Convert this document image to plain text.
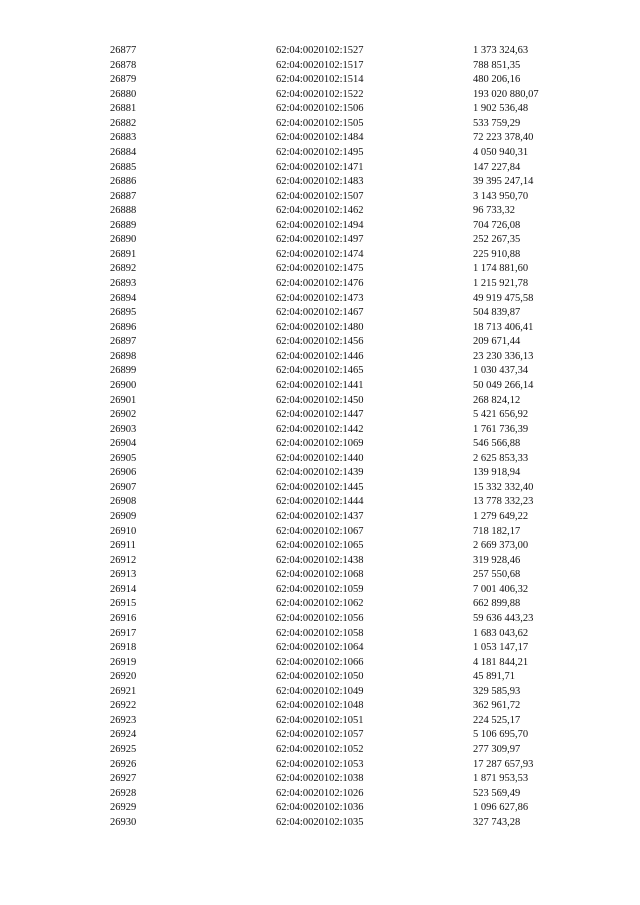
26877	62:04:0020102:1527	1 373 324,63
26878	62:04:0020102:1517	788 851,35
26879	62:04:0020102:1514	480 206,16
26880	62:04:0020102:1522	193 020 880,07
26881	62:04:0020102:1506	1 902 536,48
26882	62:04:0020102:1505	533 759,29
26883	62:04:0020102:1484	72 223 378,40
26884	62:04:0020102:1495	4 050 940,31
26885	62:04:0020102:1471	147 227,84
26886	62:04:0020102:1483	39 395 247,14
26887	62:04:0020102:1507	3 143 950,70
26888	62:04:0020102:1462	96 733,32
26889	62:04:0020102:1494	704 726,08
26890	62:04:0020102:1497	252 267,35
26891	62:04:0020102:1474	225 910,88
26892	62:04:0020102:1475	1 174 881,60
26893	62:04:0020102:1476	1 215 921,78
26894	62:04:0020102:1473	49 919 475,58
26895	62:04:0020102:1467	504 839,87
26896	62:04:0020102:1480	18 713 406,41
26897	62:04:0020102:1456	209 671,44
26898	62:04:0020102:1446	23 230 336,13
26899	62:04:0020102:1465	1 030 437,34
26900	62:04:0020102:1441	50 049 266,14
26901	62:04:0020102:1450	268 824,12
26902	62:04:0020102:1447	5 421 656,92
26903	62:04:0020102:1442	1 761 736,39
26904	62:04:0020102:1069	546 566,88
26905	62:04:0020102:1440	2 625 853,33
26906	62:04:0020102:1439	139 918,94
26907	62:04:0020102:1445	15 332 332,40
26908	62:04:0020102:1444	13 778 332,23
26909	62:04:0020102:1437	1 279 649,22
26910	62:04:0020102:1067	718 182,17
26911	62:04:0020102:1065	2 669 373,00
26912	62:04:0020102:1438	319 928,46
26913	62:04:0020102:1068	257 550,68
26914	62:04:0020102:1059	7 001 406,32
26915	62:04:0020102:1062	662 899,88
26916	62:04:0020102:1056	59 636 443,23
26917	62:04:0020102:1058	1 683 043,62
26918	62:04:0020102:1064	1 053 147,17
26919	62:04:0020102:1066	4 181 844,21
26920	62:04:0020102:1050	45 891,71
26921	62:04:0020102:1049	329 585,93
26922	62:04:0020102:1048	362 961,72
26923	62:04:0020102:1051	224 525,17
26924	62:04:0020102:1057	5 106 695,70
26925	62:04:0020102:1052	277 309,97
26926	62:04:0020102:1053	17 287 657,93
26927	62:04:0020102:1038	1 871 953,53
26928	62:04:0020102:1026	523 569,49
26929	62:04:0020102:1036	1 096 627,86
26930	62:04:0020102:1035	327 743,28
